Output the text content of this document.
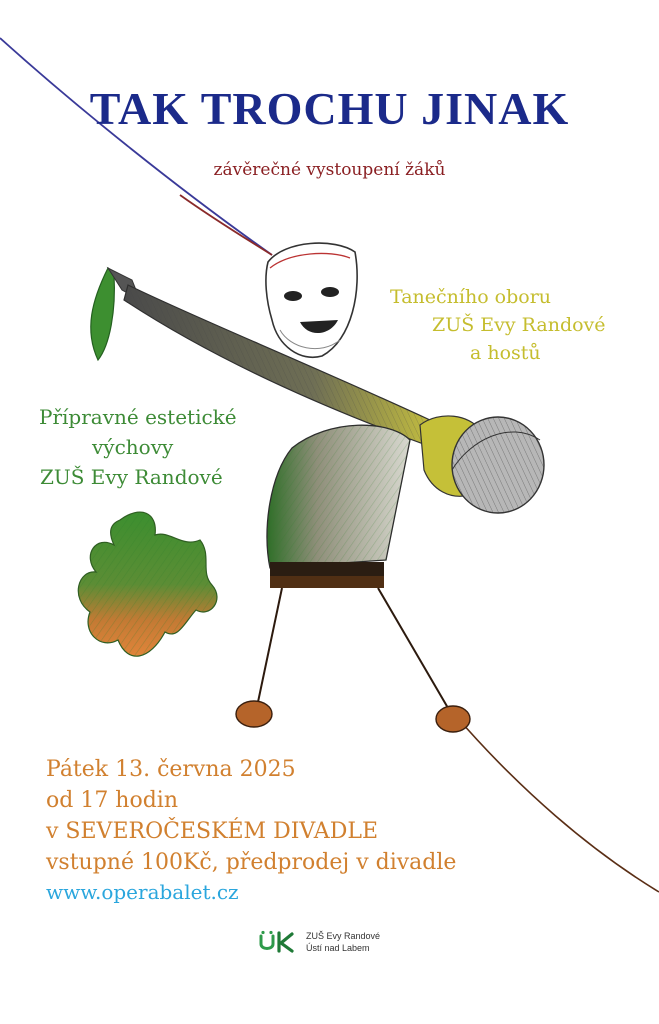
TAK TROCHU JINAK

závěrečné vystoupení žáků

Tanečního oboru

ZUŠ Evy Randové

a hostů

Přípravné estetické

výchovy

ZUŠ Evy Randové

Pátek 13. června 2025

od 17 hodin

v SEVEROČESKÉM DIVADLE

vstupné 100Kč, předprodej v divadle

www.operabalet.cz
ZUŠ Evy Randové
Ústí nad Labem
